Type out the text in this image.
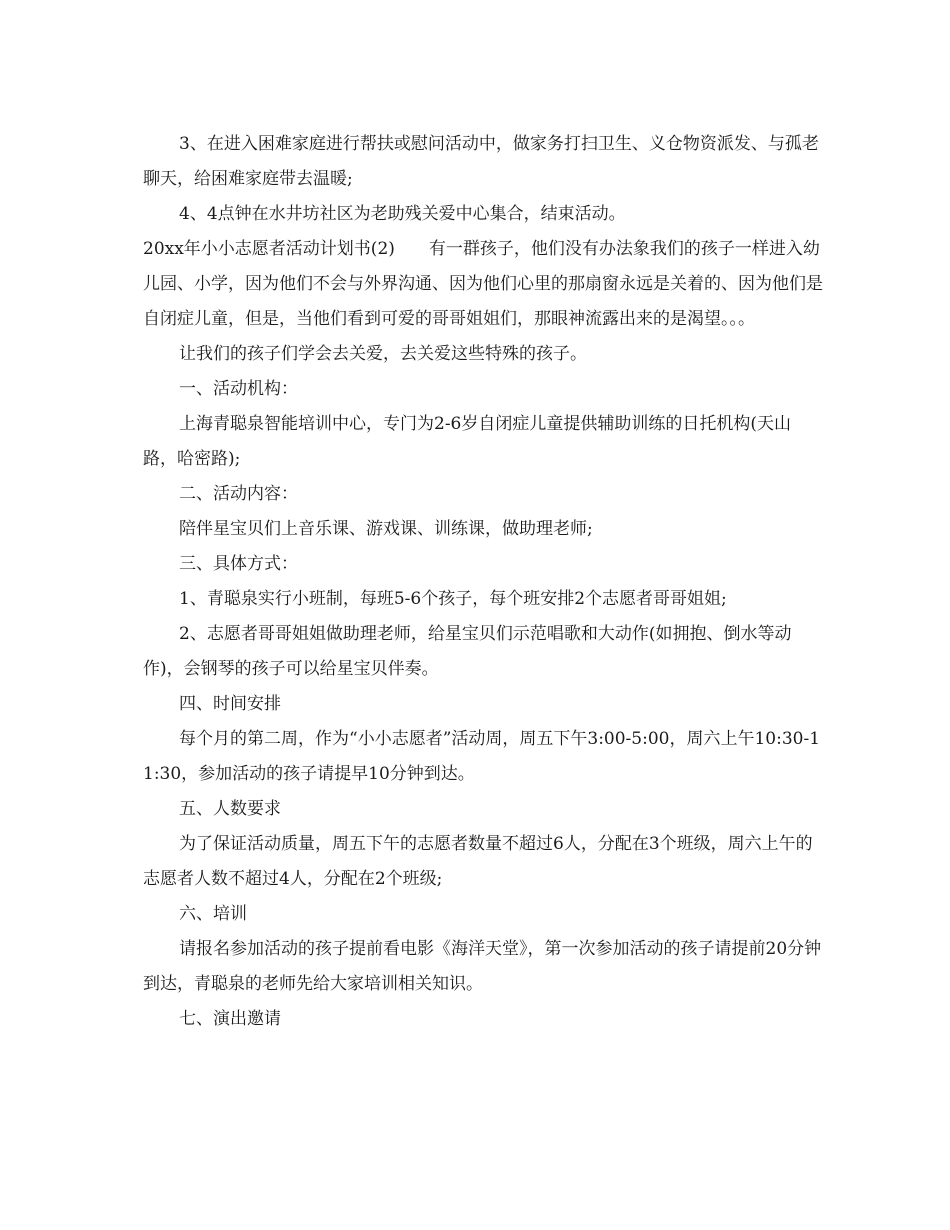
3、在进入困难家庭进行帮扶或慰问活动中，做家务打扫卫生、义仓物资派发、与孤老聊天，给困难家庭带去温暖;

4、4点钟在水井坊社区为老助残关爱中心集合，结束活动。

20xx年小小志愿者活动计划书(2) 有一群孩子，他们没有办法象我们的孩子一样进入幼儿园、小学，因为他们不会与外界沟通、因为他们心里的那扇窗永远是关着的、因为他们是自闭症儿童，但是，当他们看到可爱的哥哥姐姐们，那眼神流露出来的是渴望。。。

让我们的孩子们学会去关爱，去关爱这些特殊的孩子。

一、活动机构：

上海青聪泉智能培训中心，专门为2-6岁自闭症儿童提供辅助训练的日托机构(天山路，哈密路);

二、活动内容：

陪伴星宝贝们上音乐课、游戏课、训练课，做助理老师;

三、具体方式：

1、青聪泉实行小班制，每班5-6个孩子，每个班安排2个志愿者哥哥姐姐;

2、志愿者哥哥姐姐做助理老师，给星宝贝们示范唱歌和大动作(如拥抱、倒水等动作)，会钢琴的孩子可以给星宝贝伴奏。

四、时间安排

每个月的第二周，作为“小小志愿者”活动周，周五下午3:00-5:00，周六上午10:30-11:30，参加活动的孩子请提早10分钟到达。

五、人数要求

为了保证活动质量，周五下午的志愿者数量不超过6人，分配在3个班级，周六上午的志愿者人数不超过4人，分配在2个班级;

六、培训

请报名参加活动的孩子提前看电影《海洋天堂》，第一次参加活动的孩子请提前20分钟到达，青聪泉的老师先给大家培训相关知识。

七、演出邀请
